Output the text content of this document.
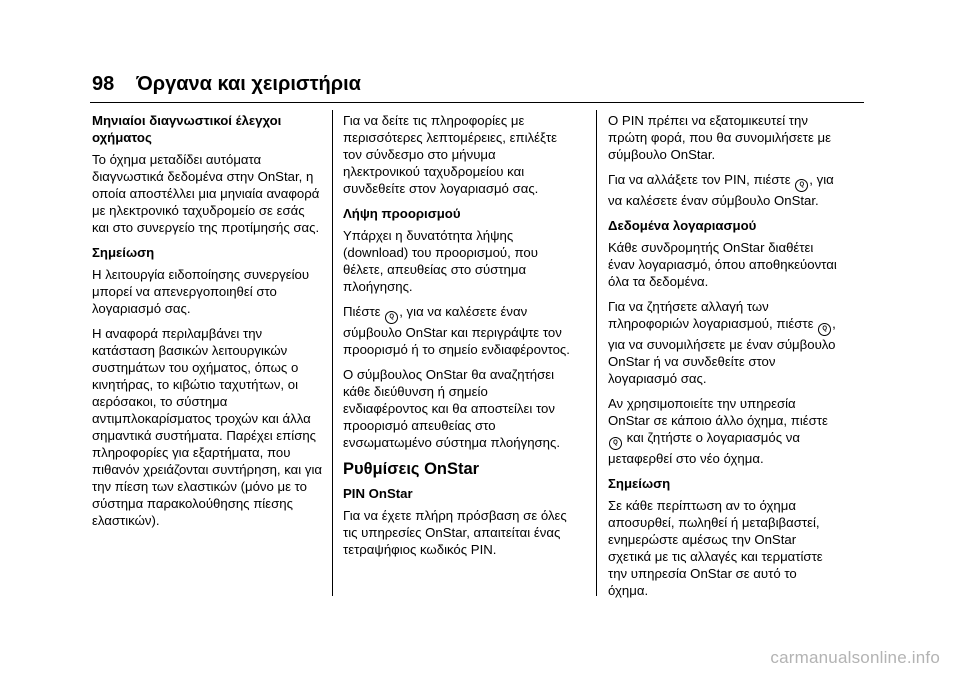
98 Όργανα και χειριστήρια
Μηνιαίοι διαγνωστικοί έλεγχοι οχήματος

Το όχημα μεταδίδει αυτόματα διαγνωστικά δεδομένα στην OnStar, η οποία αποστέλλει μια μηνιαία αναφορά με ηλεκτρονικό ταχυδρομείο σε εσάς και στο συνεργείο της προτίμησής σας.

Σημείωση

Η λειτουργία ειδοποίησης συνεργείου μπορεί να απενεργοποιηθεί στο λογαριασμό σας.

Η αναφορά περιλαμβάνει την κατάσταση βασικών λειτουργικών συστημάτων του οχήματος, όπως ο κινητήρας, το κιβώτιο ταχυτήτων, οι αερόσακοι, το σύστημα αντιμπλοκαρίσματος τροχών και άλλα σημαντικά συστήματα. Παρέχει επίσης πληροφορίες για εξαρτήματα, που πιθανόν χρειάζονται συντήρηση, και για την πίεση των ελαστικών (μόνο με το σύστημα παρακολούθησης πίεσης ελαστικών).

Για να δείτε τις πληροφορίες με περισσότερες λεπτομέρειες, επιλέξτε τον σύνδεσμο στο μήνυμα ηλεκτρονικού ταχυδρομείου και συνδεθείτε στον λογαριασμό σας.

Λήψη προορισμού

Υπάρχει η δυνατότητα λήψης (download) του προορισμού, που θέλετε, απευθείας στο σύστημα πλοήγησης.

Πιέστε Q , για να καλέσετε έναν σύμβουλο OnStar και περιγράψτε τον προορισμό ή το σημείο ενδιαφέροντος.

Ο σύμβουλος OnStar θα αναζητήσει κάθε διεύθυνση ή σημείο ενδιαφέροντος και θα αποστείλει τον προορισμό απευθείας στο ενσωματωμένο σύστημα πλοήγησης.

Ρυθμίσεις OnStar
PIN OnStar

Για να έχετε πλήρη πρόσβαση σε όλες τις υπηρεσίες OnStar, απαιτείται ένας τετραψήφιος κωδικός PIN.

Ο PIN πρέπει να εξατομικευτεί την πρώτη φορά, που θα συνομιλήσετε με σύμβουλο OnStar.

Για να αλλάξετε τον PIN, πιέστε Q , για να καλέσετε έναν σύμβουλο OnStar.

Δεδομένα λογαριασμού

Κάθε συνδρομητής OnStar διαθέτει έναν λογαριασμό, όπου αποθηκεύονται όλα τα δεδομένα.

Για να ζητήσετε αλλαγή των πληροφοριών λογαριασμού, πιέστε Q , για να συνομιλήσετε με έναν σύμβουλο OnStar ή να συνδεθείτε στον λογαριασμό σας.

Αν χρησιμοποιείτε την υπηρεσία OnStar σε κάποιο άλλο όχημα, πιέστε Q και ζητήστε ο λογαριασμός να μεταφερθεί στο νέο όχημα.

Σημείωση

Σε κάθε περίπτωση αν το όχημα αποσυρθεί, πωληθεί ή μεταβιβαστεί, ενημερώστε αμέσως την OnStar σχετικά με τις αλλαγές και τερματίστε την υπηρεσία OnStar σε αυτό το όχημα.

carmanualsonline.info
